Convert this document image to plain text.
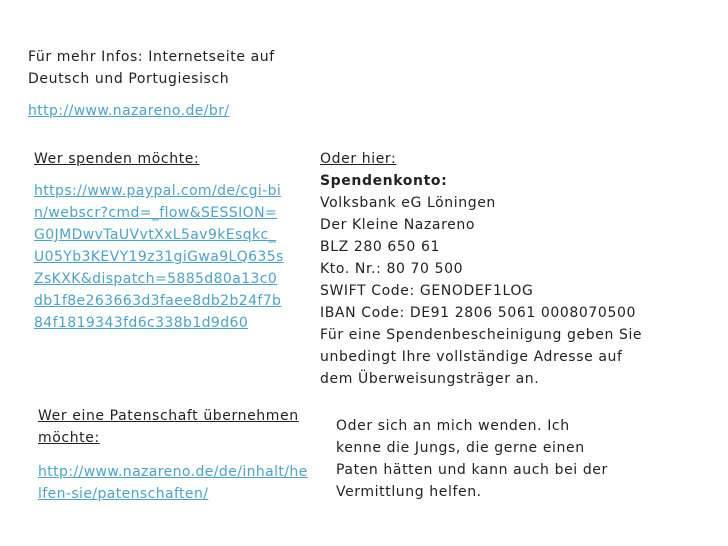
Für mehr Infos: Internetseite auf
Deutsch und Portugiesisch
http://www.nazareno.de/br/
Wer spenden möchte:
https://www.paypal.com/de/cgi-bin/webscr?cmd=_flow&SESSION=G0JMDwvTaUVvtXxL5av9kEsqkc_U05Yb3KEVY19z31giGwa9LQ635sZsKXK&dispatch=5885d80a13c0db1f8e263663d3faee8db2b24f7b84f1819343fd6c338b1d9d60
Oder hier:
Spendenkonto:
Volksbank eG Löningen
Der Kleine Nazareno
BLZ 280 650 61
Kto. Nr.: 80 70 500
SWIFT Code: GENODEF1LOG
IBAN Code: DE91 2806 5061 0008070500
Für eine Spendenbescheinigung geben Sie
unbedingt Ihre vollständige Adresse auf
dem Überweisungsträger an.
Wer eine Patenschaft übernehmen
möchte:
http://www.nazareno.de/de/inhalt/helfen-sie/patenschaften/
Oder sich an mich wenden. Ich
kenne die Jungs, die gerne einen
Paten hätten und kann auch bei der
Vermittlung helfen.
